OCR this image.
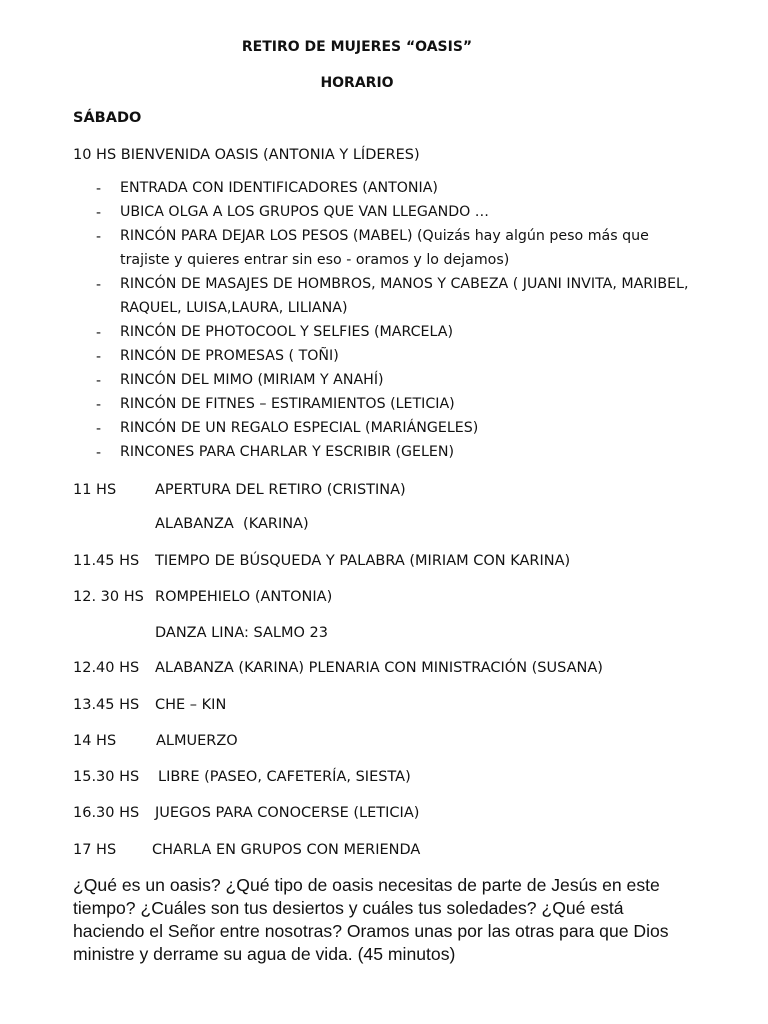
RETIRO DE MUJERES “OASIS”
HORARIO
SÁBADO
10 HS BIENVENIDA OASIS (ANTONIA Y LÍDERES)
- ENTRADA CON IDENTIFICADORES (ANTONIA)
- UBICA OLGA A LOS GRUPOS QUE VAN LLEGANDO …
- RINCÓN PARA DEJAR LOS PESOS (MABEL) (Quizás hay algún peso más que trajiste y quieres entrar sin eso - oramos y lo dejamos)
- RINCÓN DE MASAJES DE HOMBROS, MANOS Y CABEZA ( JUANI INVITA, MARIBEL, RAQUEL, LUISA,LAURA, LILIANA)
- RINCÓN DE PHOTOCOOL Y SELFIES (MARCELA)
- RINCÓN DE PROMESAS ( TOÑI)
- RINCÓN DEL MIMO (MIRIAM Y ANAHÍ)
- RINCÓN DE FITNES – ESTIRAMIENTOS (LETICIA)
- RINCÓN DE UN REGALO ESPECIAL (MARIÁNGELES)
- RINCONES PARA CHARLAR Y ESCRIBIR (GELEN)
11 HS	APERTURA DEL RETIRO (CRISTINA)
ALABANZA  (KARINA)
11.45 HS TIEMPO DE BÚSQUEDA Y PALABRA (MIRIAM CON KARINA)
12. 30 HS ROMPEHIELO (ANTONIA)
DANZA LINA: SALMO 23
12.40 HS ALABANZA (KARINA) PLENARIA CON MINISTRACIÓN (SUSANA)
13.45 HS CHE – KIN
14 HS	ALMUERZO
15.30 HS LIBRE (PASEO, CAFETERÍA, SIESTA)
16.30 HS JUEGOS PARA CONOCERSE (LETICIA)
17 HS CHARLA EN GRUPOS CON MERIENDA
¿Qué es un oasis? ¿Qué tipo de oasis necesitas de parte de Jesús en este tiempo? ¿Cuáles son tus desiertos y cuáles tus soledades? ¿Qué está haciendo el Señor entre nosotras? Oramos unas por las otras para que Dios ministre y derrame su agua de vida. (45 minutos)
